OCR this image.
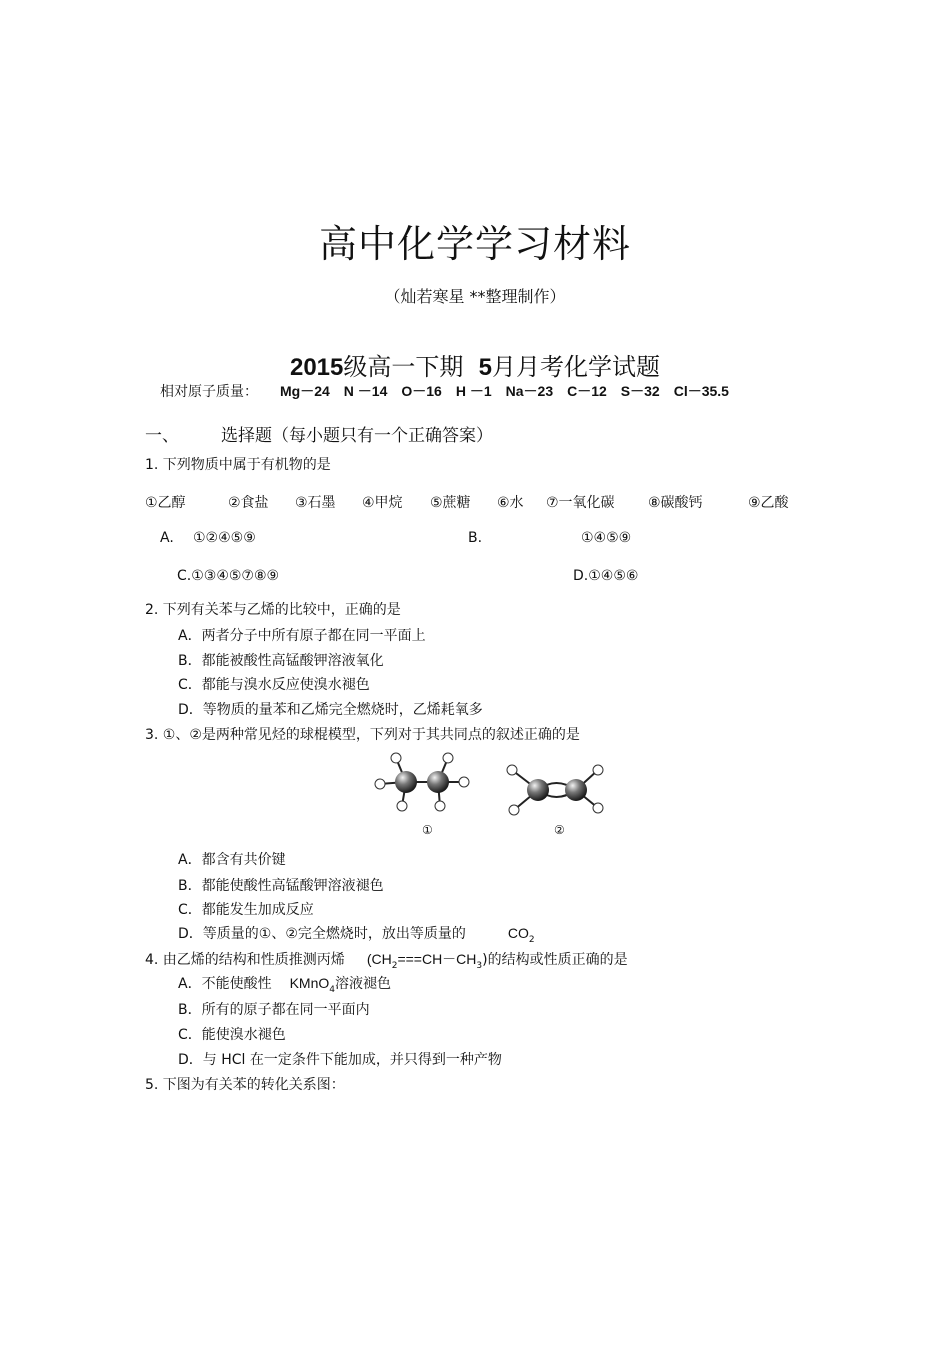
高中化学学习材料
（灿若寒星 **整理制作）
2015级高一下期 5月月考化学试题
相对原子质量： Mg－24 N －14 O－16 H －1 Na－23 C－12 S－32 Cl－35.5
一、 选择题（每小题只有一个正确答案）
1. 下列物质中属于有机物的是
①乙醇	②食盐 ③石墨 ④甲烷 ⑤蔗糖 ⑥水 ⑦一氧化碳 ⑧碳酸钙	⑨乙酸
A. ①②④⑤⑨	B.	①④⑤⑨
C.①③④⑤⑦⑧⑨	D.①④⑤⑥
2. 下列有关苯与乙烯的比较中，正确的是
A．两者分子中所有原子都在同一平面上
B．都能被酸性高锰酸钾溶液氧化
C．都能与溴水反应使溴水褪色
D．等物质的量苯和乙烯完全燃烧时，乙烯耗氧多
3. ①、②是两种常见烃的球棍模型，下列对于其共同点的叙述正确的是
①	②
A．都含有共价键
B．都能使酸性高锰酸钾溶液褪色
C．都能发生加成反应
D．等质量的①、②完全燃烧时，放出等质量的	$CO_2$
4. 由乙烯的结构和性质推测丙烯 $(CH_2===CH-CH_3)$的结构或性质正确的是
A．不能使酸性 KMnO$_4$溶液褪色
B．所有的原子都在同一平面内
C．能使溴水褪色
D．与 HCl 在一定条件下能加成，并只得到一种产物
5. 下图为有关苯的转化关系图：
